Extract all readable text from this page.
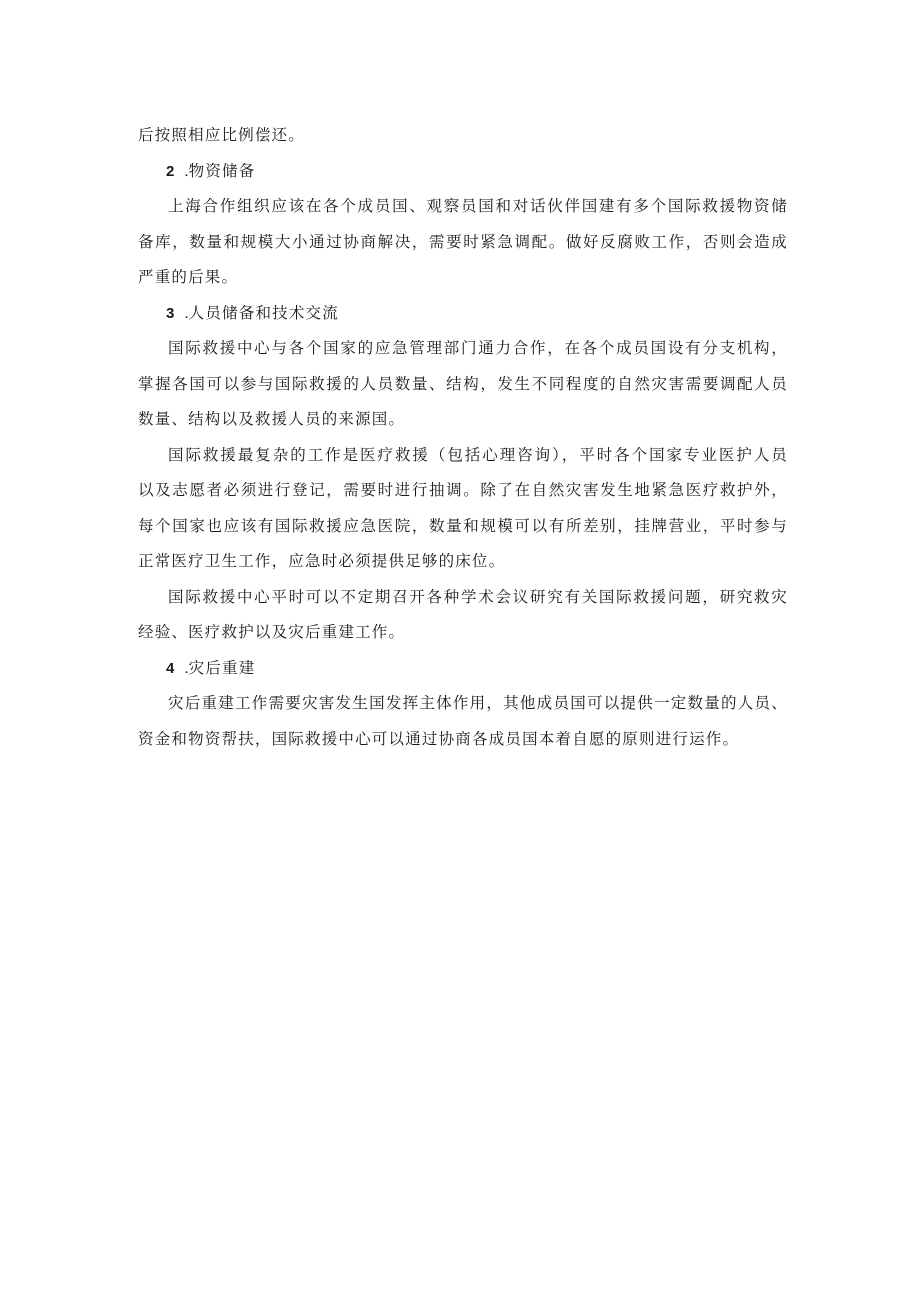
后按照相应比例偿还。
2 .物资储备
上海合作组织应该在各个成员国、观察员国和对话伙伴国建有多个国际救援物资储
备库，数量和规模大小通过协商解决，需要时紧急调配。做好反腐败工作，否则会造成
严重的后果。
3 .人员储备和技术交流
国际救援中心与各个国家的应急管理部门通力合作，在各个成员国设有分支机构，
掌握各国可以参与国际救援的人员数量、结构，发生不同程度的自然灾害需要调配人员
数量、结构以及救援人员的来源国。
国际救援最复杂的工作是医疗救援（包括心理咨询），平时各个国家专业医护人员
以及志愿者必须进行登记，需要时进行抽调。除了在自然灾害发生地紧急医疗救护外，
每个国家也应该有国际救援应急医院，数量和规模可以有所差别，挂牌营业，平时参与
正常医疗卫生工作，应急时必须提供足够的床位。
国际救援中心平时可以不定期召开各种学术会议研究有关国际救援问题，研究救灾
经验、医疗救护以及灾后重建工作。
4 .灾后重建
灾后重建工作需要灾害发生国发挥主体作用，其他成员国可以提供一定数量的人员、
资金和物资帮扶，国际救援中心可以通过协商各成员国本着自愿的原则进行运作。
